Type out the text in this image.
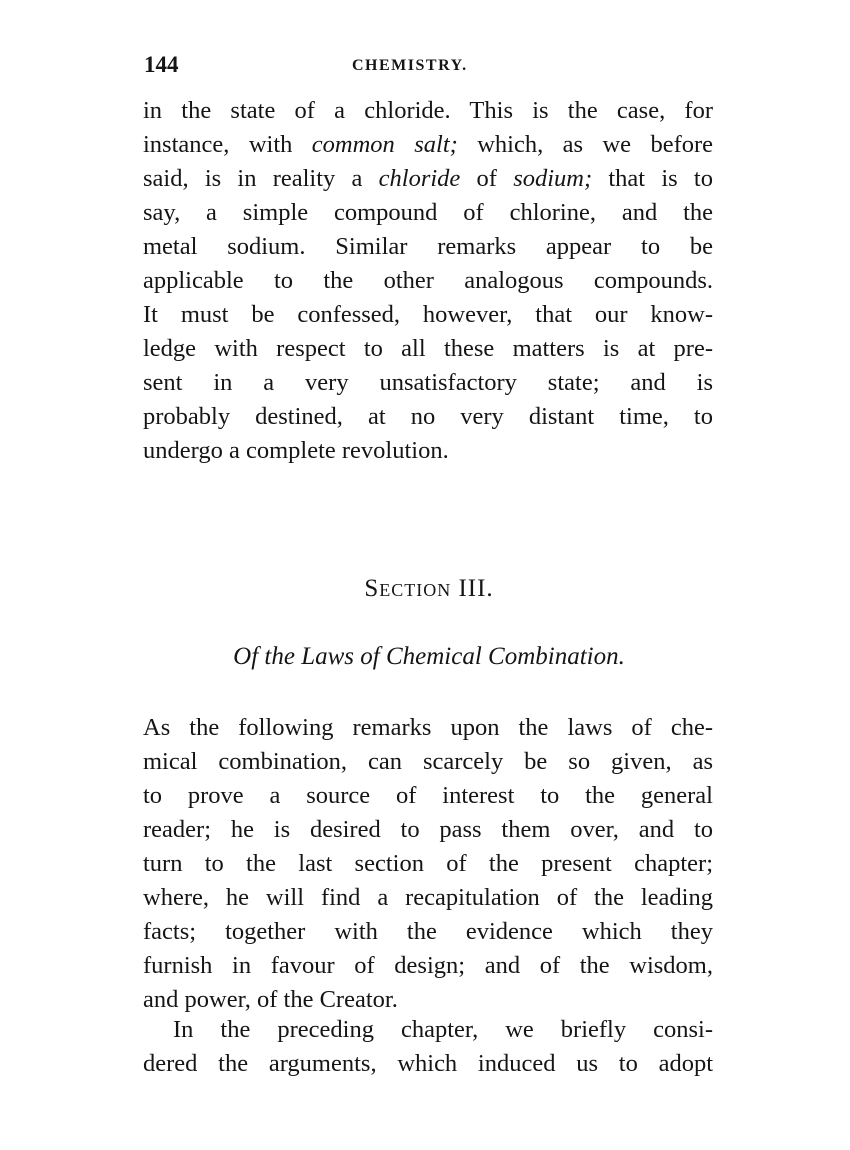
144	CHEMISTRY.
in the state of a chloride. This is the case, for
instance, with common salt; which, as we before
said, is in reality a chloride of sodium; that is to
say, a simple compound of chlorine, and the
metal sodium. Similar remarks appear to be
applicable to the other analogous compounds.
It must be confessed, however, that our know-
ledge with respect to all these matters is at pre-
sent in a very unsatisfactory state; and is
probably destined, at no very distant time, to
undergo a complete revolution.
Section III.
Of the Laws of Chemical Combination.
As the following remarks upon the laws of che-
mical combination, can scarcely be so given, as
to prove a source of interest to the general
reader; he is desired to pass them over, and to
turn to the last section of the present chapter;
where, he will find a recapitulation of the leading
facts; together with the evidence which they
furnish in favour of design; and of the wisdom,
and power, of the Creator.
In the preceding chapter, we briefly consi-
dered the arguments, which induced us to adopt
